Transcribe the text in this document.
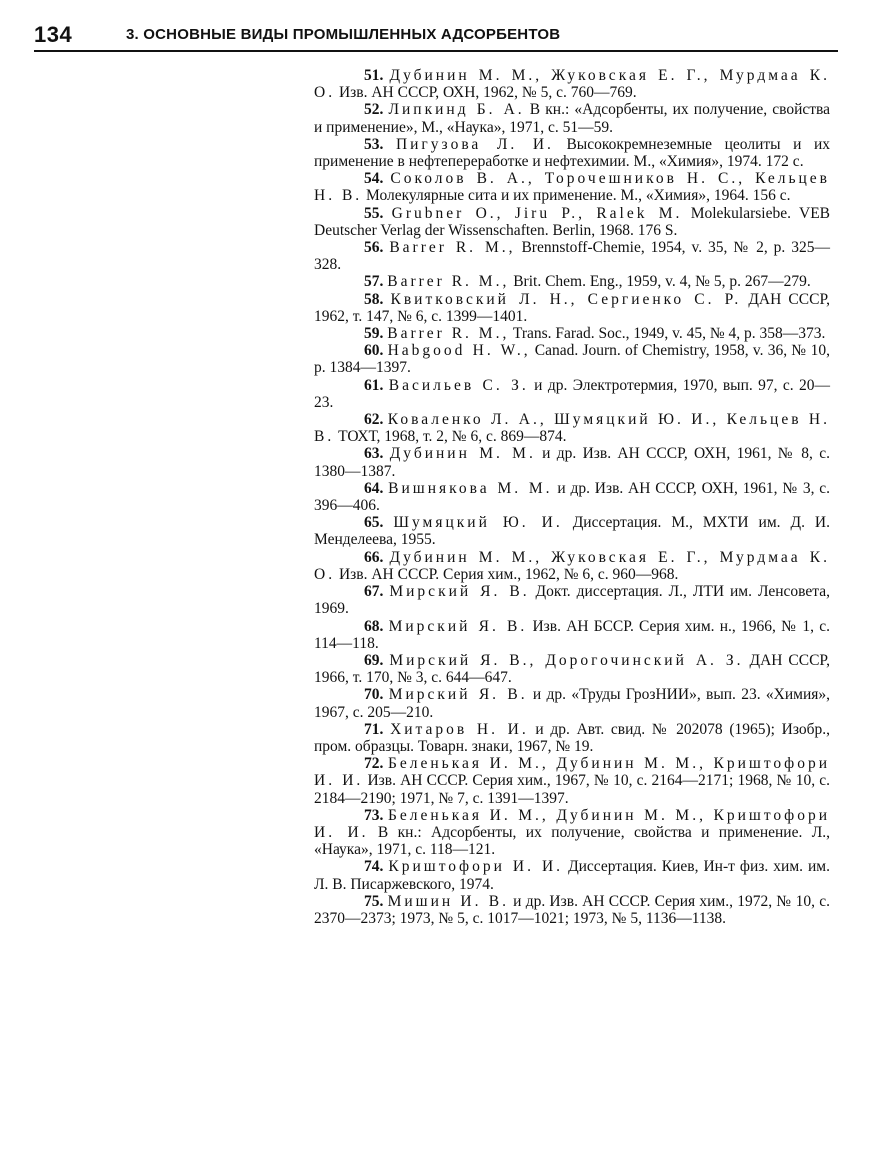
134	3. ОСНОВНЫЕ ВИДЫ ПРОМЫШЛЕННЫХ АДСОРБЕНТОВ
51. Дубинин М. М., Жуковская Е. Г., Мурдмаа К. О. Изв. АН СССР, ОХН, 1962, № 5, с. 760—769.
52. Липкинд Б. А. В кн.: «Адсорбенты, их получение, свойства и применение», М., «Наука», 1971, с. 51—59.
53. Пигузова Л. И. Высококремнеземные цеолиты и их применение в нефтепереработке и нефтехимии. М., «Химия», 1974. 172 с.
54. Соколов В. А., Торочешников Н. С., Кельцев Н. В. Молекулярные сита и их применение. М., «Химия», 1964. 156 с.
55. Grubner O., Jiru P., Ralek M. Molekularsiebe. VEB Deutscher Verlag der Wissenschaften. Berlin, 1968. 176 S.
56. Barrer R. M., Brennstoff-Chemie, 1954, v. 35, № 2, p. 325—328.
57. Barrer R. M., Brit. Chem. Eng., 1959, v. 4, № 5, p. 267—279.
58. Квитковский Л. Н., Сергиенко С. Р. ДАН СССР, 1962, т. 147, № 6, с. 1399—1401.
59. Barrer R. M., Trans. Farad. Soc., 1949, v. 45, № 4, p. 358—373.
60. Habgood H. W., Canad. Journ. of Chemistry, 1958, v. 36, № 10, p. 1384—1397.
61. Васильев С. З. и др. Электротермия, 1970, вып. 97, с. 20—23.
62. Коваленко Л. А., Шумяцкий Ю. И., Кельцев Н. В. ТОХТ, 1968, т. 2, № 6, с. 869—874.
63. Дубинин М. М. и др. Изв. АН СССР, ОХН, 1961, № 8, с. 1380—1387.
64. Вишнякова М. М. и др. Изв. АН СССР, ОХН, 1961, № 3, с. 396—406.
65. Шумяцкий Ю. И. Диссертация. М., МХТИ им. Д. И. Менделеева, 1955.
66. Дубинин М. М., Жуковская Е. Г., Мурдмаа К. О. Изв. АН СССР. Серия хим., 1962, № 6, с. 960—968.
67. Мирский Я. В. Докт. диссертация. Л., ЛТИ им. Ленсовета, 1969.
68. Мирский Я. В. Изв. АН БССР. Серия хим. н., 1966, № 1, с. 114—118.
69. Мирский Я. В., Дорогочинский А. З. ДАН СССР, 1966, т. 170, № 3, с. 644—647.
70. Мирский Я. В. и др. «Труды ГрозНИИ», вып. 23. «Химия», 1967, с. 205—210.
71. Хитаров Н. И. и др. Авт. свид. № 202078 (1965); Изобр., пром. образцы. Товарн. знаки, 1967, № 19.
72. Беленькая И. М., Дубинин М. М., Криштофори И. И. Изв. АН СССР. Серия хим., 1967, № 10, с. 2164—2171; 1968, № 10, с. 2184—2190; 1971, № 7, с. 1391—1397.
73. Беленькая И. М., Дубинин М. М., Криштофори И. И. В кн.: Адсорбенты, их получение, свойства и применение. Л., «Наука», 1971, с. 118—121.
74. Криштофори И. И. Диссертация. Киев, Ин-т физ. хим. им. Л. В. Писаржевского, 1974.
75. Мишин И. В. и др. Изв. АН СССР. Серия хим., 1972, № 10, с. 2370—2373; 1973, № 5, с. 1017—1021; 1973, № 5, 1136—1138.
